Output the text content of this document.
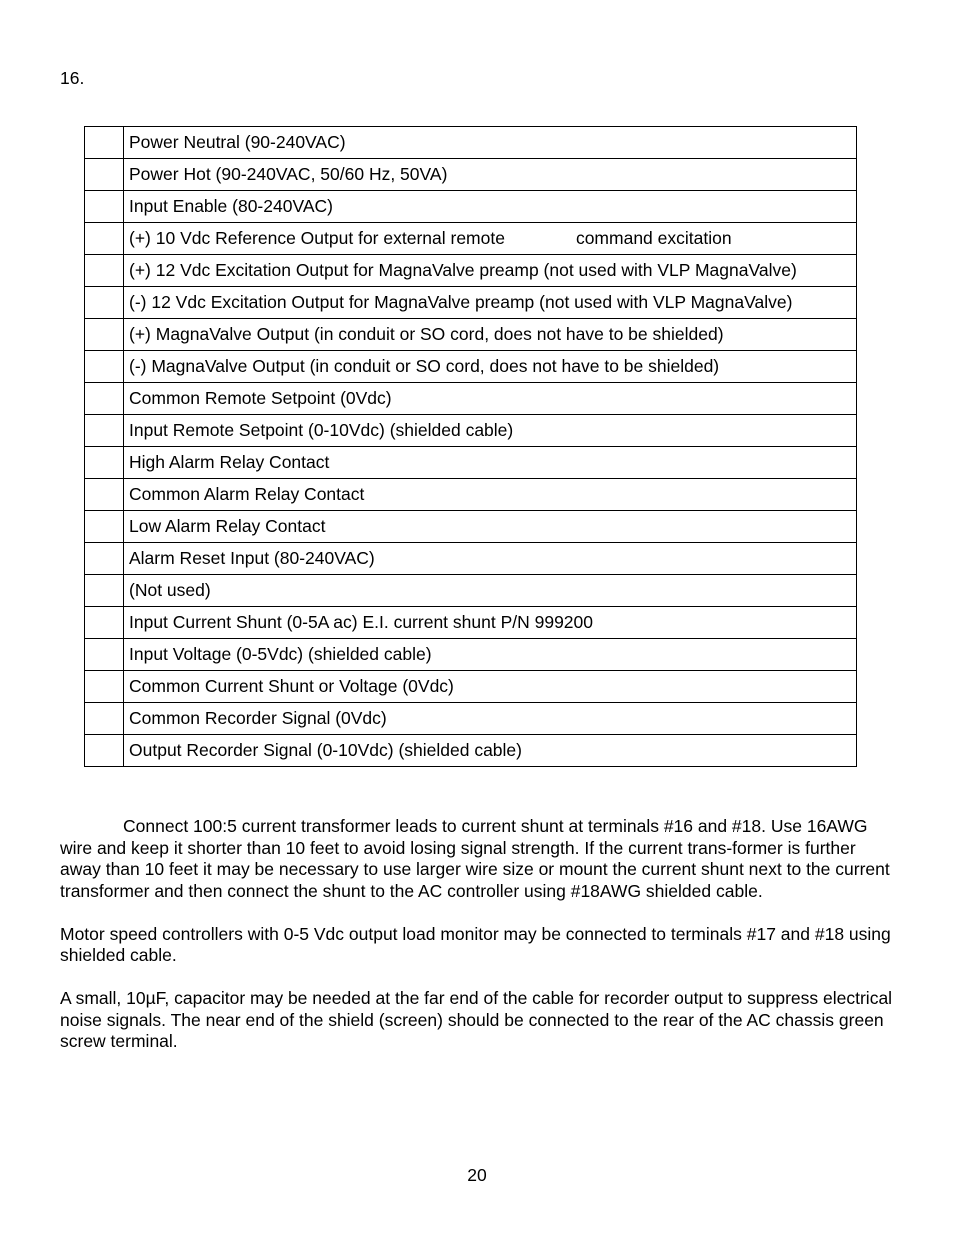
16.
	Power Neutral (90-240VAC)
	Power Hot (90-240VAC, 50/60 Hz, 50VA)
	Input Enable (80-240VAC)
	(+) 10 Vdc Reference Output for external remote command excitation
	(+) 12 Vdc Excitation Output for MagnaValve preamp (not used with VLP MagnaValve)
	(-) 12 Vdc Excitation Output for MagnaValve preamp (not used with VLP MagnaValve)
	(+) MagnaValve Output (in conduit or SO cord, does not have to be shielded)
	(-) MagnaValve Output (in conduit or SO cord, does not have to be shielded)
	Common Remote Setpoint (0Vdc)
	Input Remote Setpoint (0-10Vdc) (shielded cable)
	High Alarm Relay Contact
	Common Alarm Relay Contact
	Low Alarm Relay Contact
	Alarm Reset Input (80-240VAC)
	(Not used)
	Input Current Shunt (0-5A ac) E.I. current shunt P/N 999200
	Input Voltage (0-5Vdc) (shielded cable)
	Common Current Shunt or Voltage (0Vdc)
	Common Recorder Signal (0Vdc)
	Output Recorder Signal (0-10Vdc) (shielded cable)

Connect 100:5 current transformer leads to current shunt at terminals #16 and #18. Use 16AWG wire and keep it shorter than 10 feet to avoid losing signal strength. If the current trans-former is further away than 10 feet it may be necessary to use larger wire size or mount the current shunt next to the current transformer and then connect the shunt to the AC controller using #18AWG shielded cable.

Motor speed controllers with 0-5 Vdc output load monitor may be connected to terminals #17 and #18 using shielded cable.

A small, 10µF, capacitor may be needed at the far end of the cable for recorder output to suppress electrical noise signals. The near end of the shield (screen) should be connected to the rear of the AC chassis green screw terminal.

20
